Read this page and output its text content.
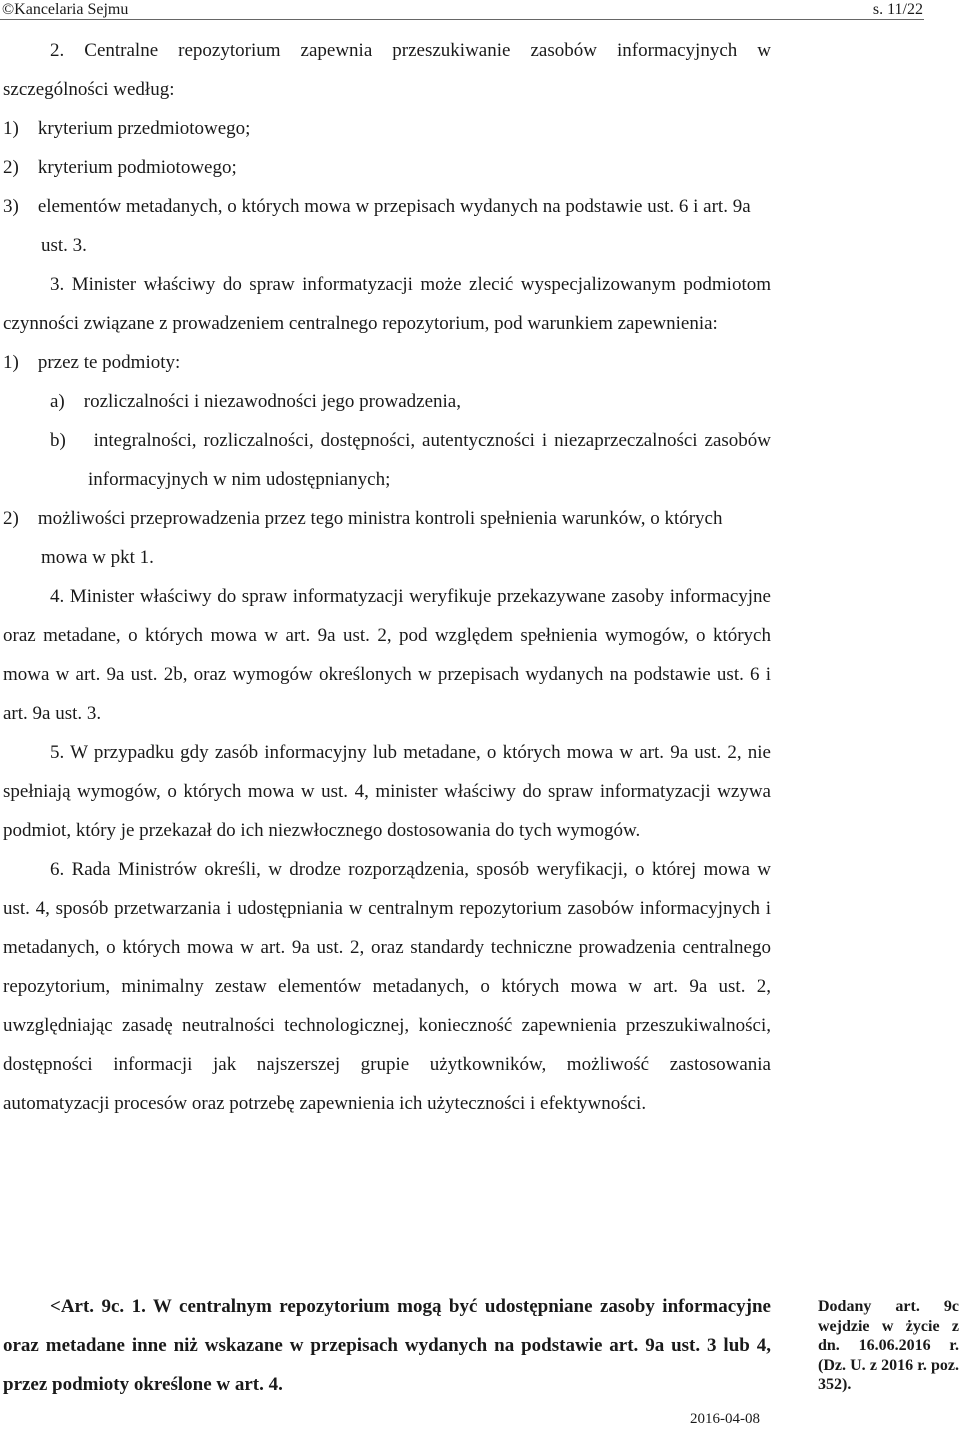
©Kancelaria Sejmu	s. 11/22

2. Centralne repozytorium zapewnia przeszukiwanie zasobów informacyjnych w szczególności według:

1)    kryterium przedmiotowego;

2)    kryterium podmiotowego;

3)    elementów metadanych, o których mowa w przepisach wydanych na podstawie ust. 6 i art. 9a ust. 3.

3. Minister właściwy do spraw informatyzacji może zlecić wyspecjalizowanym podmiotom czynności związane z prowadzeniem centralnego repozytorium, pod warunkiem zapewnienia:

1)    przez te podmioty:

a)    rozliczalności i niezawodności jego prowadzenia,

b)    integralności, rozliczalności, dostępności, autentyczności i niezaprzeczalności zasobów informacyjnych w nim udostępnianych;

2)    możliwości przeprowadzenia przez tego ministra kontroli spełnienia warunków, o których mowa w pkt 1.

4. Minister właściwy do spraw informatyzacji weryfikuje przekazywane zasoby informacyjne oraz metadane, o których mowa w art. 9a ust. 2, pod względem spełnienia wymogów, o których mowa w art. 9a ust. 2b, oraz wymogów określonych w przepisach wydanych na podstawie ust. 6 i art. 9a ust. 3.

5. W przypadku gdy zasób informacyjny lub metadane, o których mowa w art. 9a ust. 2, nie spełniają wymogów, o których mowa w ust. 4, minister właściwy do spraw informatyzacji wzywa podmiot, który je przekazał do ich niezwłocznego dostosowania do tych wymogów.

6. Rada Ministrów określi, w drodze rozporządzenia, sposób weryfikacji, o której mowa w ust. 4, sposób przetwarzania i udostępniania w centralnym repozytorium zasobów informacyjnych i metadanych, o których mowa w art. 9a ust. 2, oraz standardy techniczne prowadzenia centralnego repozytorium, minimalny zestaw elementów metadanych, o których mowa w art. 9a ust. 2, uwzględniając zasadę neutralności technologicznej, konieczność zapewnienia przeszukiwalności, dostępności informacji jak najszerszej grupie użytkowników, możliwość zastosowania automatyzacji procesów oraz potrzebę zapewnienia ich użyteczności i efektywności.

<Art. 9c. 1. W centralnym repozytorium mogą być udostępniane zasoby informacyjne oraz metadane inne niż wskazane w przepisach wydanych na podstawie art. 9a ust. 3 lub 4, przez podmioty określone w art. 4.

Dodany art. 9c wejdzie w życie z dn. 16.06.2016 r. (Dz. U. z 2016 r. poz. 352).
2016-04-08
